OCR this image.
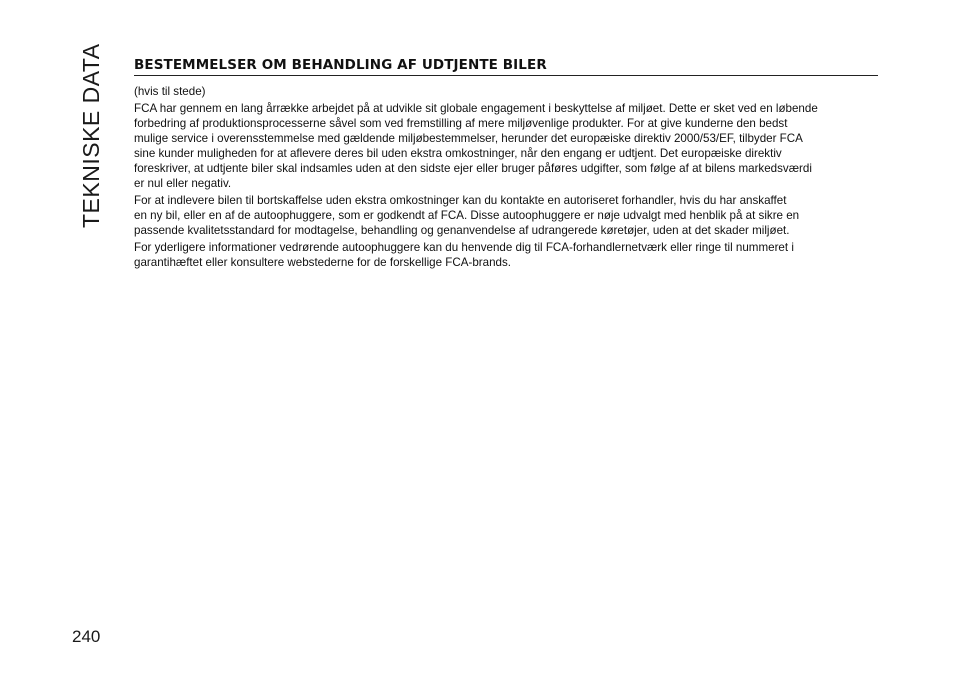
TEKNISKE DATA BESTEMMELSER OM BEHANDLING AF UDTJENTE BILER
(hvis til stede)
FCA har gennem en lang årrække arbejdet på at udvikle sit globale engagement i beskyttelse af miljøet. Dette er sket ved en løbende
forbedring af produktionsprocesserne såvel som ved fremstilling af mere miljøvenlige produkter. For at give kunderne den bedst
mulige service i overensstemmelse med gældende miljøbestemmelser, herunder det europæiske direktiv 2000/53/EF, tilbyder FCA
sine kunder muligheden for at aflevere deres bil uden ekstra omkostninger, når den engang er udtjent. Det europæiske direktiv
foreskriver, at udtjente biler skal indsamles uden at den sidste ejer eller bruger påføres udgifter, som følge af at bilens markedsværdi
er nul eller negativ.
For at indlevere bilen til bortskaffelse uden ekstra omkostninger kan du kontakte en autoriseret forhandler, hvis du har anskaffet
en ny bil, eller en af de autoophuggere, som er godkendt af FCA. Disse autoophuggere er nøje udvalgt med henblik på at sikre en
passende kvalitetsstandard for modtagelse, behandling og genanvendelse af udrangerede køretøjer, uden at det skader miljøet.
For yderligere informationer vedrørende autoophuggere kan du henvende dig til FCA-forhandlernetværk eller ringe til nummeret i
garantihæftet eller konsultere webstederne for de forskellige FCA-brands.
240
